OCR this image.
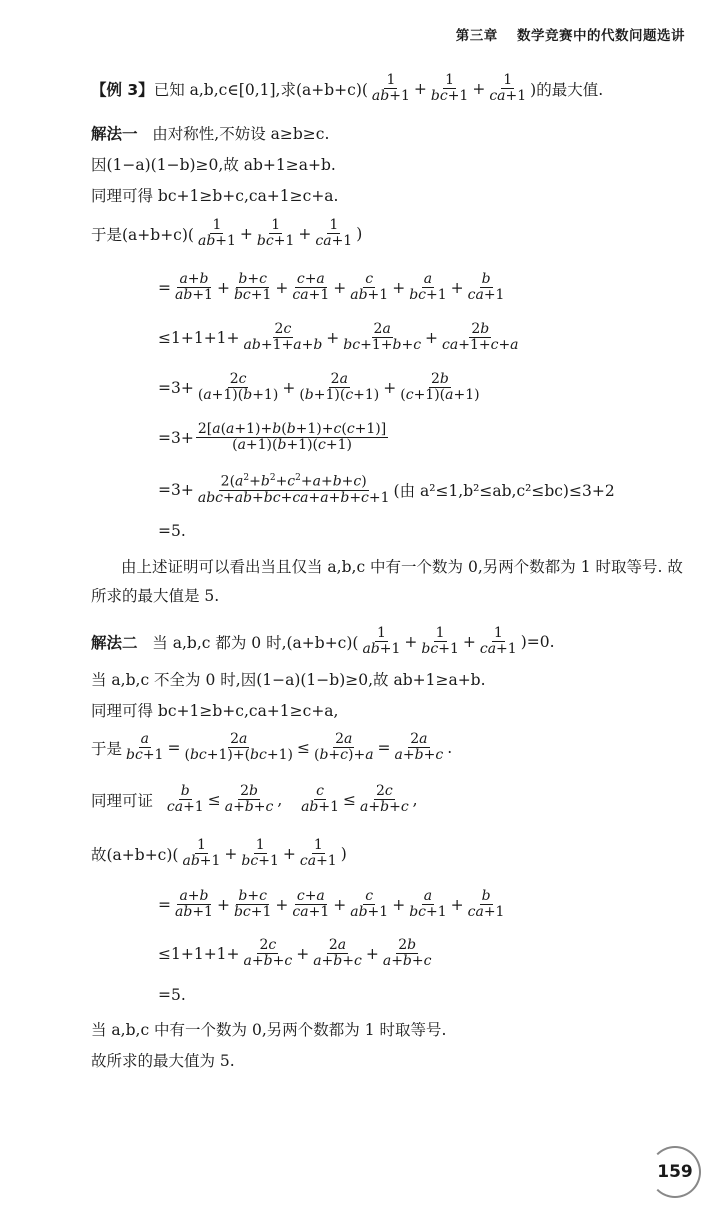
第三章 数学竞赛中的代数问题选讲
【例 3】 已知 a,b,c∈[0,1],求$(a+b+c)( \frac{1}{ab+1} + \frac{1}{bc+1} + \frac{1}{ca+1}$ )的最大值.
解法一
由对称性,不妨设 a≥b≥c.
因(1−a)(1−b)≥0,故 ab+1≥a+b.
同理可得 bc+1≥b+c,ca+1≥c+a.
于是$(a+b+c)( \frac{1}{ab+1} + \frac{1}{bc+1} + \frac{1}{ca+1}$ )
= $\frac{a+b}{ab+1} + \frac{b+c}{bc+1} + \frac{c+a}{ca+1} + \frac{c}{ab+1} + \frac{a}{bc+1} + \frac{b}{ca+1}$
$\le 1+1+1+ \frac{2c}{ab+1+a+b} + \frac{2a}{bc+1+b+c} + \frac{2b}{ca+1+c+a}$
$=3+ \frac{2c}{(a+1)(b+1)} + \frac{2a}{(b+1)(c+1)} + \frac{2b}{(c+1)(a+1)}$
$=3+ \frac{2[a(a+1)+b(b+1)+c(c+1)]}{(a+1)(b+1)(c+1)}$
$=3+ \frac{2(a^2+b^2+c^2+a+b+c)}{\text{abc+ab+bc+ca+a+b+c+1}}$ (由 a²≤1,b²≤ab,c²≤bc)≤3+2
=5.
由上述证明可以看出当且仅当 a,b,c 中有一个数为 0,另两个数都为 1 时取等号. 故所求的最大值是 5.
解法二
当 a,b,c 都为 0 时$,(a+b+c)( \frac{1}{ab+1} + \frac{1}{bc+1} + \frac{1}{ca+1} )=0$.
当 a,b,c 不全为 0 时,因(1−a)(1−b)≥0,故 ab+1≥a+b.
同理可得 bc+1≥b+c,ca+1≥c+a,
于是 $\frac{a}{bc+1} = \frac{2a}{(bc+1)+(bc+1)} \le \frac{2a}{(b+c)+a} = \frac{2a}{a+b+c}$ .
同理可证
$\frac{b}{ca+1} \le \frac{2b}{a+b+c}$ , $\frac{c}{ab+1} \le \frac{2c}{a+b+c}$ ,
故$(a+b+c)( \frac{1}{ab+1} + \frac{1}{bc+1} + \frac{1}{ca+1}$ )
= $\frac{a+b}{ab+1} + \frac{b+c}{bc+1} + \frac{c+a}{ca+1} + \frac{c}{ab+1} + \frac{a}{bc+1} + \frac{b}{ca+1}$
$\le 1+1+1+ \frac{2c}{a+b+c} + \frac{2a}{a+b+c} + \frac{2b}{a+b+c}$
=5.
当 a,b,c 中有一个数为 0,另两个数都为 1 时取等号.
故所求的最大值为 5.
159
